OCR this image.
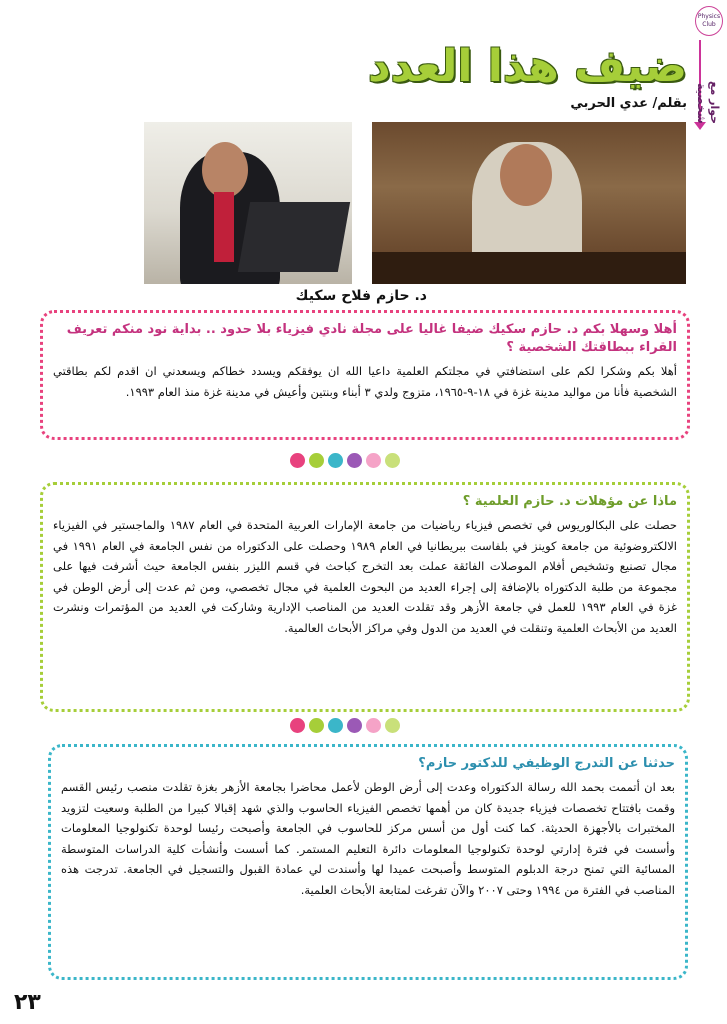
Physics Club
حوار مع شخصية
ضيف هذا العدد
بقلم/ عدي الحربي
د. حازم فلاح سكيك

أهلا وسهلا بكم د. حازم سكيك ضيفا غاليا على مجلة نادي فيزياء بلا حدود .. بداية نود منكم تعريف القراء ببطاقتك الشخصية ؟

أهلا بكم وشكرا لكم على استضافتي في مجلتكم العلمية داعيا الله ان يوفقكم ويسدد خطاكم ويسعدني ان اقدم لكم بطاقتي الشخصية فأنا من مواليد مدينة غزة في ١٨-٩-١٩٦٥، متزوج ولدي ٣ أبناء وبنتين وأعيش في مدينة غزة منذ العام ١٩٩٣.

ماذا عن مؤهلات د. حازم العلمية ؟

حصلت على البكالوريوس في تخصص فيزياء رياضيات من جامعة الإمارات العربية المتحدة في العام ١٩٨٧ والماجستير في الفيزياء الالكتروضوئية من جامعة كوينز في بلفاست ببريطانيا في العام ١٩٨٩ وحصلت على الدكتوراه من نفس الجامعة في العام ١٩٩١ في مجال تصنيع وتشخيص أفلام الموصلات الفائقة عملت بعد التخرج كباحث في قسم الليزر بنفس الجامعة حيث أشرفت فيها على مجموعة من طلبة الدكتوراه بالإضافة إلى إجراء العديد من البحوث العلمية في مجال تخصصي، ومن ثم عدت إلى أرض الوطن في غزة في العام ١٩٩٣ للعمل في جامعة الأزهر وقد تقلدت العديد من المناصب الإدارية وشاركت في العديد من المؤتمرات ونشرت العديد من الأبحاث العلمية وتنقلت في العديد من الدول وفي مراكز الأبحاث العالمية.

حدثنا عن التدرج الوظيفي للدكتور حازم؟

بعد ان أتممت بحمد الله رسالة الدكتوراه وعدت إلى أرض الوطن لأعمل محاضرا بجامعة الأزهر بغزة تقلدت منصب رئيس القسم وقمت بافتتاح تخصصات فيزياء جديدة كان من أهمها تخصص الفيزياء الحاسوب والذي شهد إقبالا كبيرا من الطلبة وسعيت لتزويد المختبرات بالأجهزة الحديثة. كما كنت أول من أسس مركز للحاسوب في الجامعة وأصبحت رئيسا لوحدة تكنولوجيا المعلومات وأسست في فترة إدارتي لوحدة تكنولوجيا المعلومات دائرة التعليم المستمر. كما أسست وأنشأت كلية الدراسات المتوسطة المسائية التي تمنح درجة الدبلوم المتوسط وأصبحت عميدا لها وأسندت لي عمادة القبول والتسجيل في الجامعة. تدرجت هذه المناصب في الفترة من ١٩٩٤ وحتى ٢٠٠٧ والآن تفرغت لمتابعة الأبحاث العلمية.

٢٣
